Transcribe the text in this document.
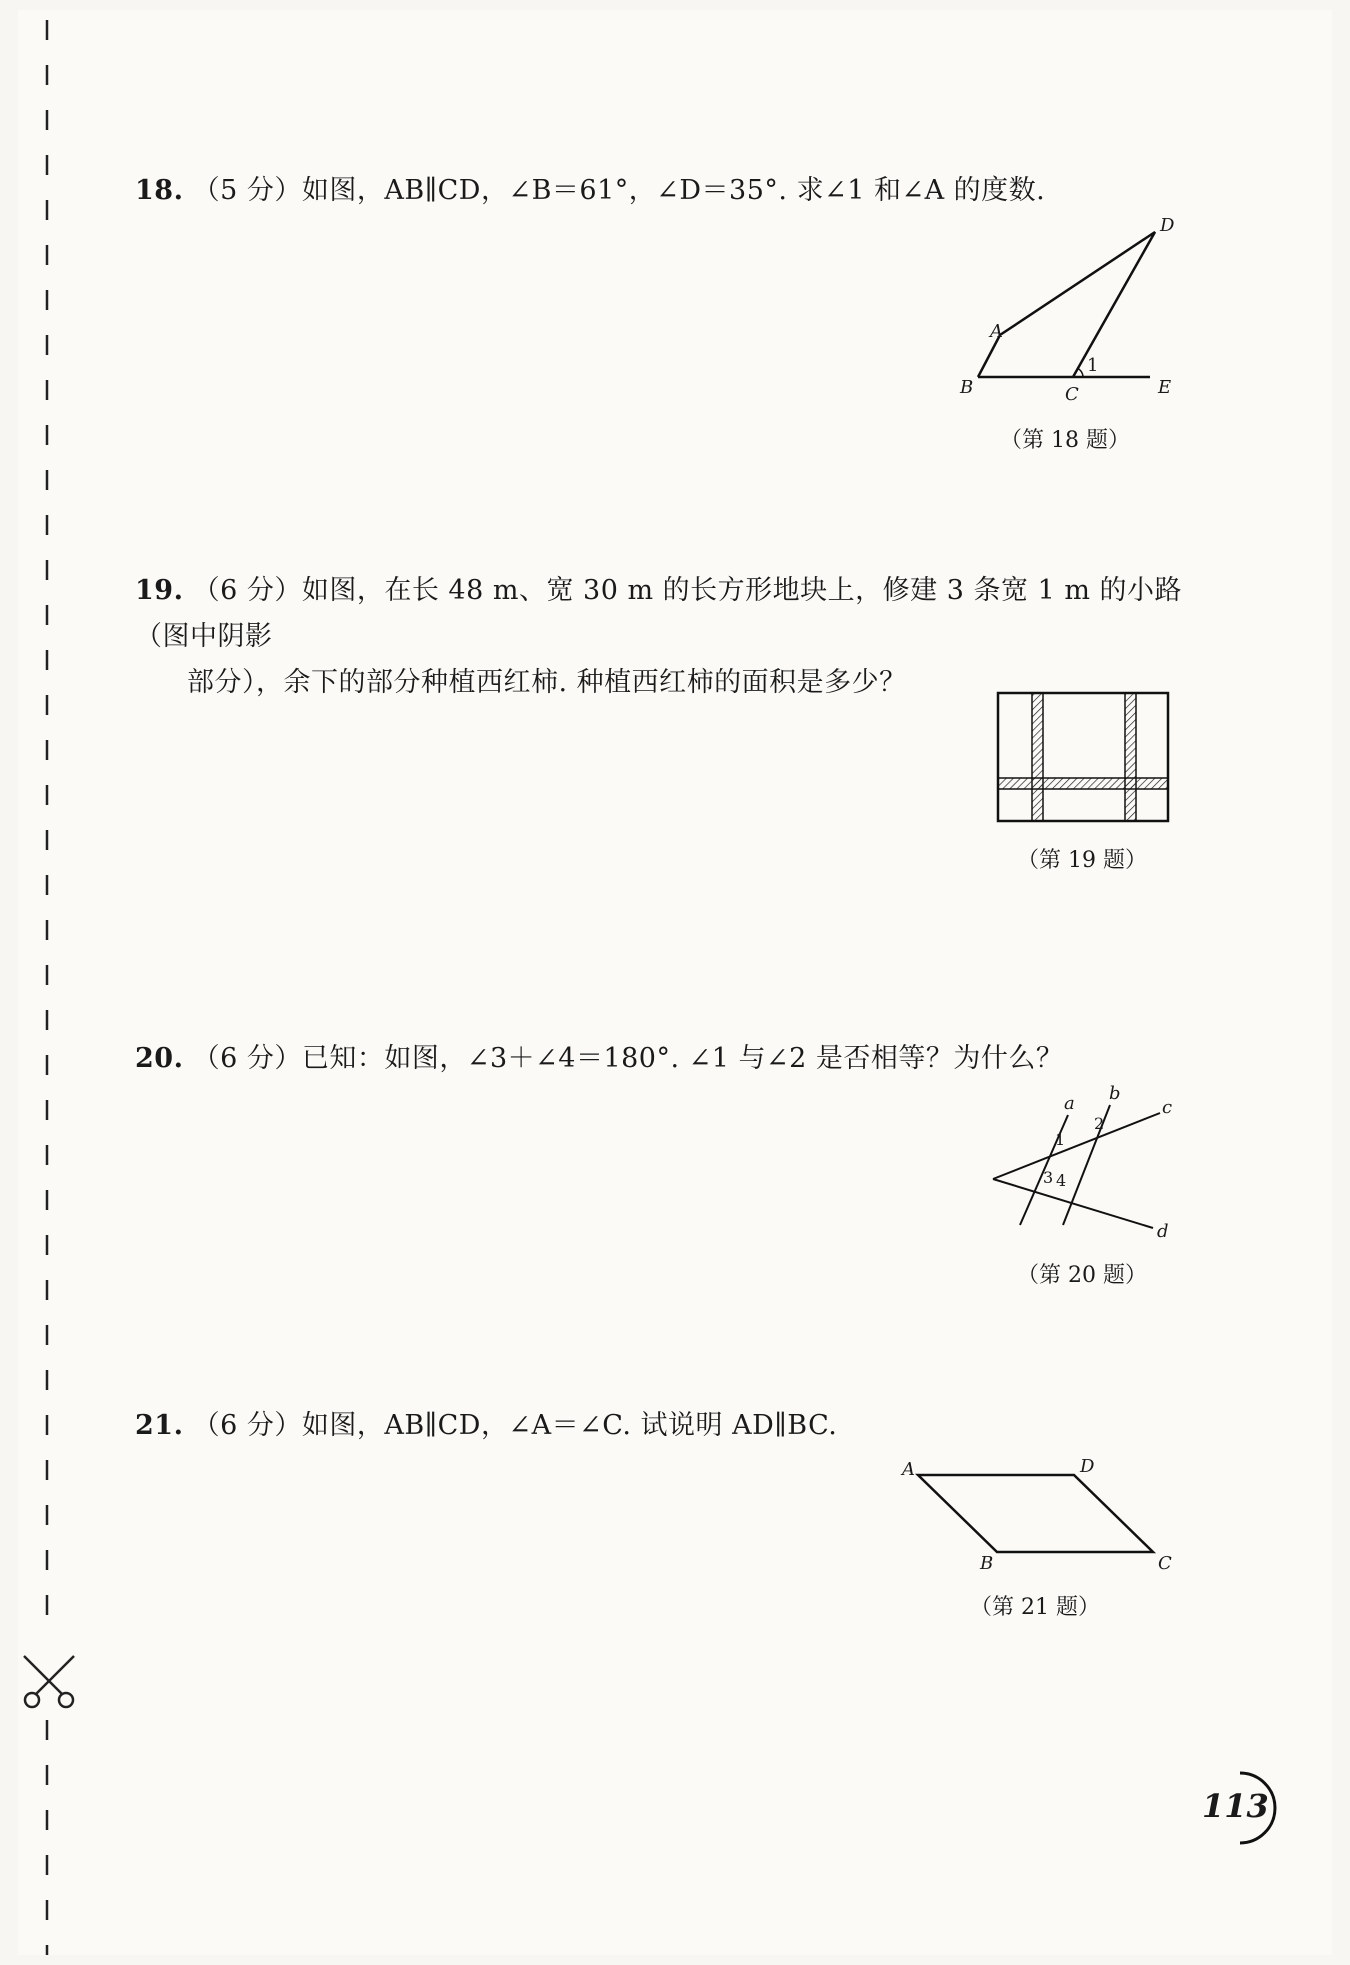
18. （5 分）如图，AB∥CD，∠B＝61°，∠D＝35°. 求∠1 和∠A 的度数.
A
B	C
D
E
1
（第 18 题）
19. （6 分）如图，在长 48 m、宽 30 m 的长方形地块上，修建 3 条宽 1 m 的小路（图中阴影
部分），余下的部分种植西红柿. 种植西红柿的面积是多少？
（第 19 题）
20. （6 分）已知：如图，∠3＋∠4＝180°. ∠1 与∠2 是否相等？为什么？
a b
c
d
1
2
3 4
（第 20 题）
21. （6 分）如图，AB∥CD，∠A＝∠C. 试说明 AD∥BC.
A	D
B	C
（第 21 题）
113
